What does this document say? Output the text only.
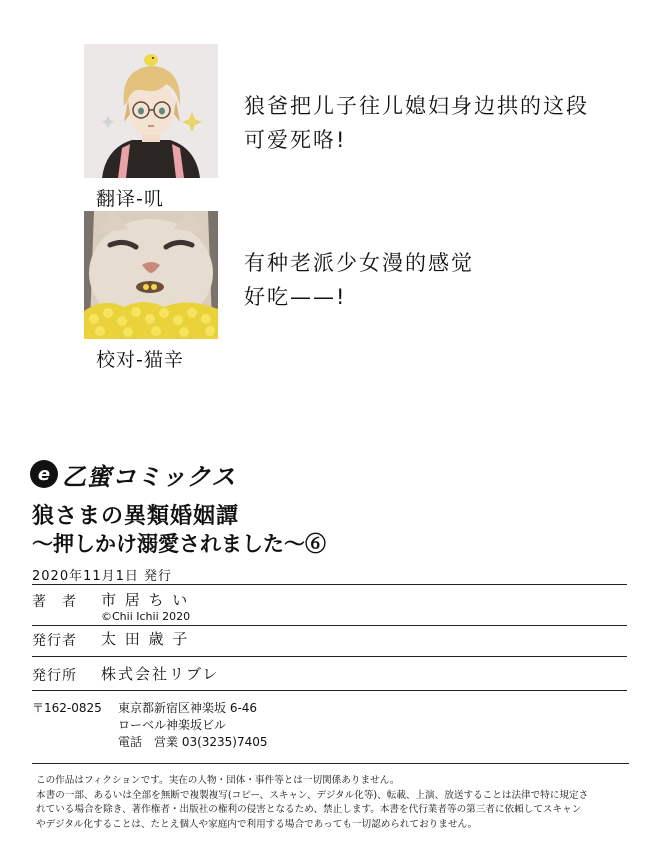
翻译-叽
狼爸把儿子往儿媳妇身边拱的这段
可爱死咯!
校对-猫辛
有种老派少女漫的感觉
好吃——!
e 乙蜜コミックス
狼さまの異類婚姻譚
〜押しかけ溺愛されました〜⑥
2020年11月1日 発行
著　者 市 居 ち い
©Chii Ichii 2020
発行者 太 田 歳 子
発行所 株式会社リブレ
〒162-0825 東京都新宿区神楽坂 6-46
ローベル神楽坂ビル
電話　営業 03(3235)7405
この作品はフィクションです。実在の人物・団体・事件等とは一切関係ありません。
本書の一部、あるいは全部を無断で複製複写(コピー、スキャン、デジタル化等)、転載、上演、放送することは法律で特に規定さ
れている場合を除き、著作権者・出版社の権利の侵害となるため、禁止します。本書を代行業者等の第三者に依頼してスキャン
やデジタル化することは、たとえ個人や家庭内で利用する場合であっても一切認められておりません。
